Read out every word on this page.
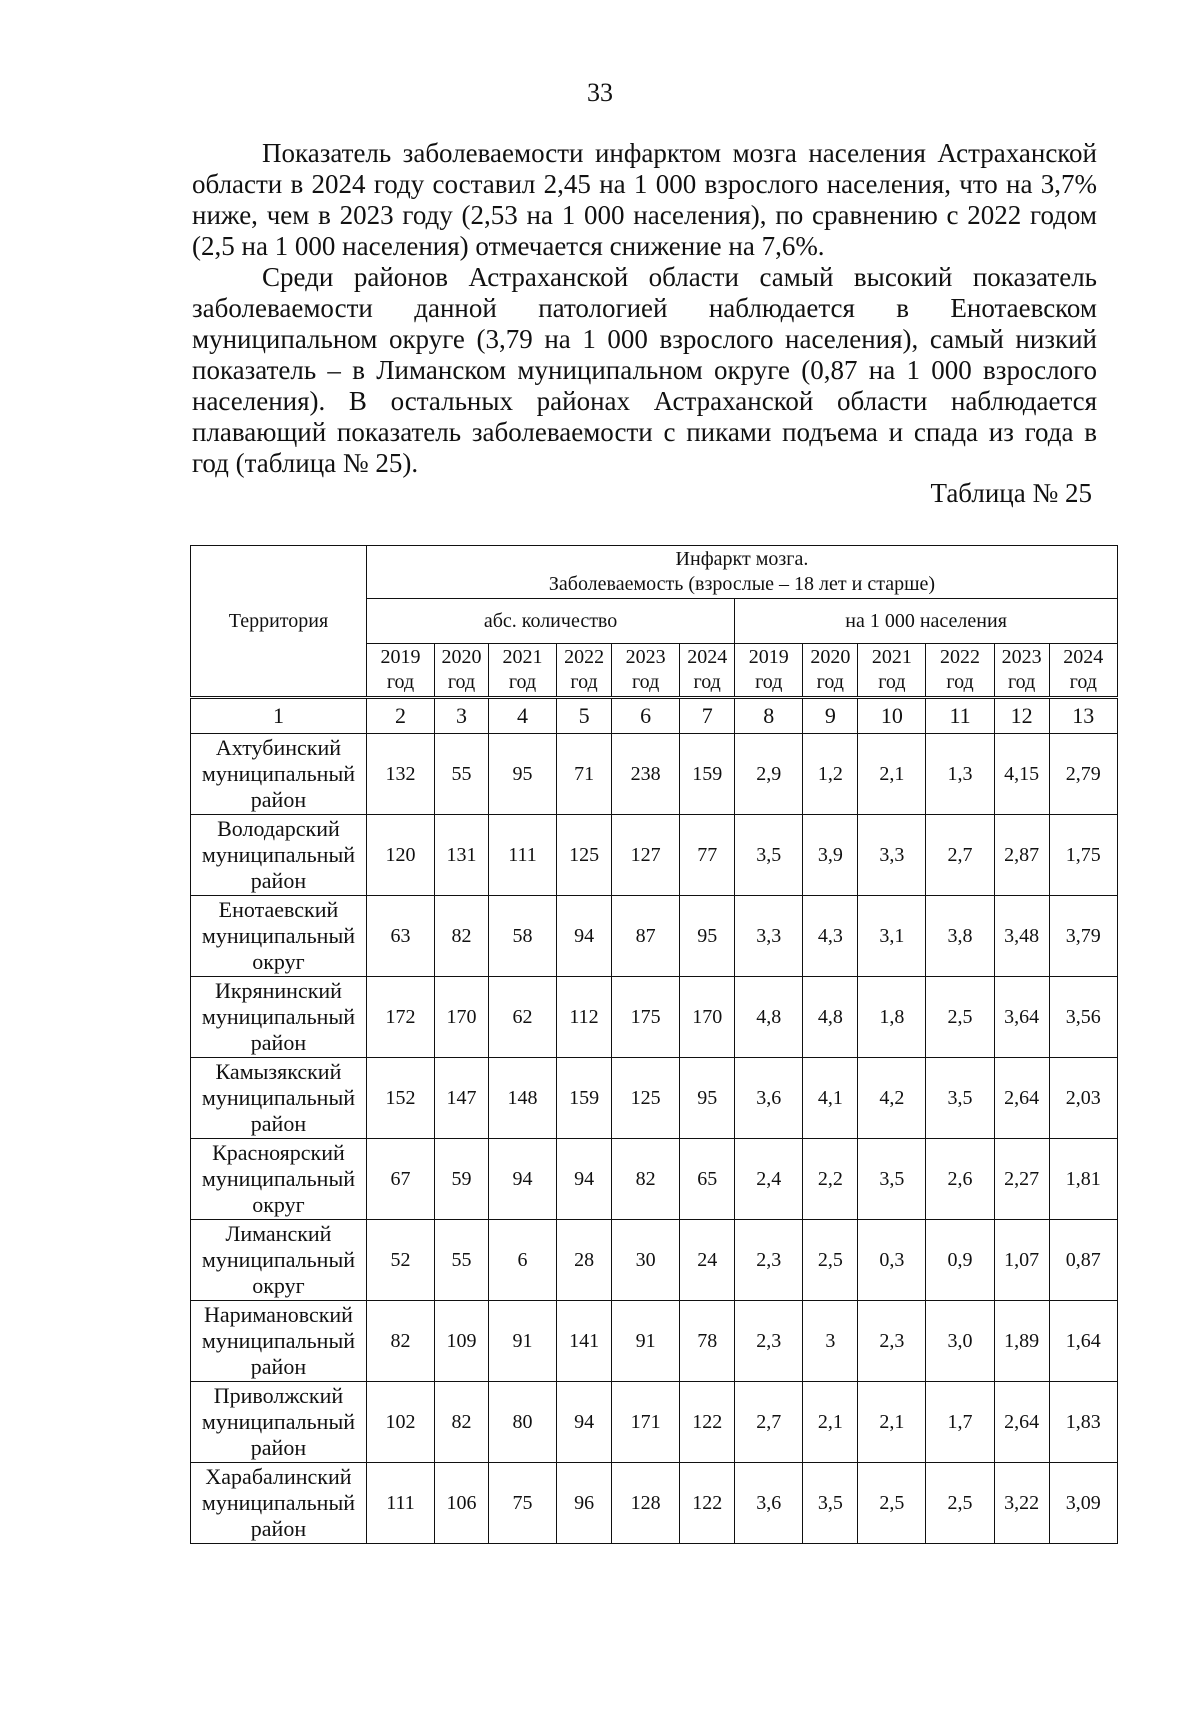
33

Показатель заболеваемости инфарктом мозга населения Астраханской области в 2024 году составил 2,45 на 1 000 взрослого населения, что на 3,7% ниже, чем в 2023 году (2,53 на 1 000 населения), по сравнению с 2022 годом (2,5 на 1 000 населения) отмечается снижение на 7,6%.

Среди районов Астраханской области самый высокий показатель заболеваемости данной патологией наблюдается в Енотаевском муниципальном округе (3,79 на 1 000 взрослого населения), самый низкий показатель – в Лиманском муниципальном округе (0,87 на 1 000 взрослого населения). В остальных районах Астраханской области наблюдается плавающий показатель заболеваемости с пиками подъема и спада из года в год (таблица № 25).

Таблица № 25
Территория	Инфаркт мозга.
Заболеваемость (взрослые – 18 лет и старше)											

	абс. количество						на 1 000 населения					
	2019 год	2020 год	2021 год	2022 год	2023 год	2024 год	2019 год	2020 год	2021 год	2022 год	2023 год	2024 год
1	2	3	4	5	6	7	8	9	10	11	12	13
Ахтубинский муниципальный район	132	55	95	71	238	159	2,9	1,2	2,1	1,3	4,15	2,79
Володарский муниципальный район	120	131	111	125	127	77	3,5	3,9	3,3	2,7	2,87	1,75
Енотаевский муниципальный округ	63	82	58	94	87	95	3,3	4,3	3,1	3,8	3,48	3,79
Икрянинский муниципальный район	172	170	62	112	175	170	4,8	4,8	1,8	2,5	3,64	3,56
Камызякский муниципальный район	152	147	148	159	125	95	3,6	4,1	4,2	3,5	2,64	2,03
Красноярский муниципальный округ	67	59	94	94	82	65	2,4	2,2	3,5	2,6	2,27	1,81
Лиманский муниципальный округ	52	55	6	28	30	24	2,3	2,5	0,3	0,9	1,07	0,87
Наримановский муниципальный район	82	109	91	141	91	78	2,3	3	2,3	3,0	1,89	1,64
Приволжский муниципальный район	102	82	80	94	171	122	2,7	2,1	2,1	1,7	2,64	1,83
Харабалинский муниципальный район	111	106	75	96	128	122	3,6	3,5	2,5	2,5	3,22	3,09
